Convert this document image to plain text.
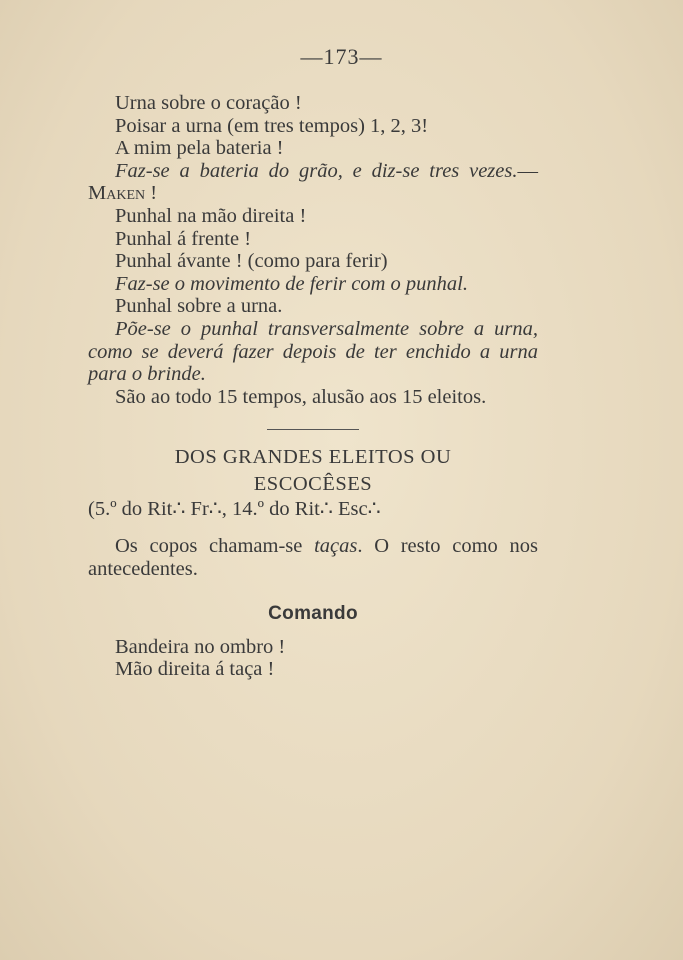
—173—

Urna sobre o coração !

Poisar a urna (em tres tempos) 1, 2, 3!

A mim pela bateria !

Faz-se a bateria do grão, e diz-se tres vezes.—Maken !

Punhal na mão direita !

Punhal á frente !

Punhal ávante ! (como para ferir)

Faz-se o movimento de ferir com o punhal.

Punhal sobre a urna.

Põe-se o punhal transversalmente sobre a urna, como se deverá fazer depois de ter enchido a urna para o brinde.

São ao todo 15 tempos, alusão aos 15 eleitos.

DOS GRANDES ELEITOS OU

ESCOCÊSES

(5.º do Rit∴ Fr∴, 14.º do Rit∴ Esc∴

Os copos chamam-se taças. O resto como nos antecedentes.

Comando

Bandeira no ombro !

Mão direita á taça !
